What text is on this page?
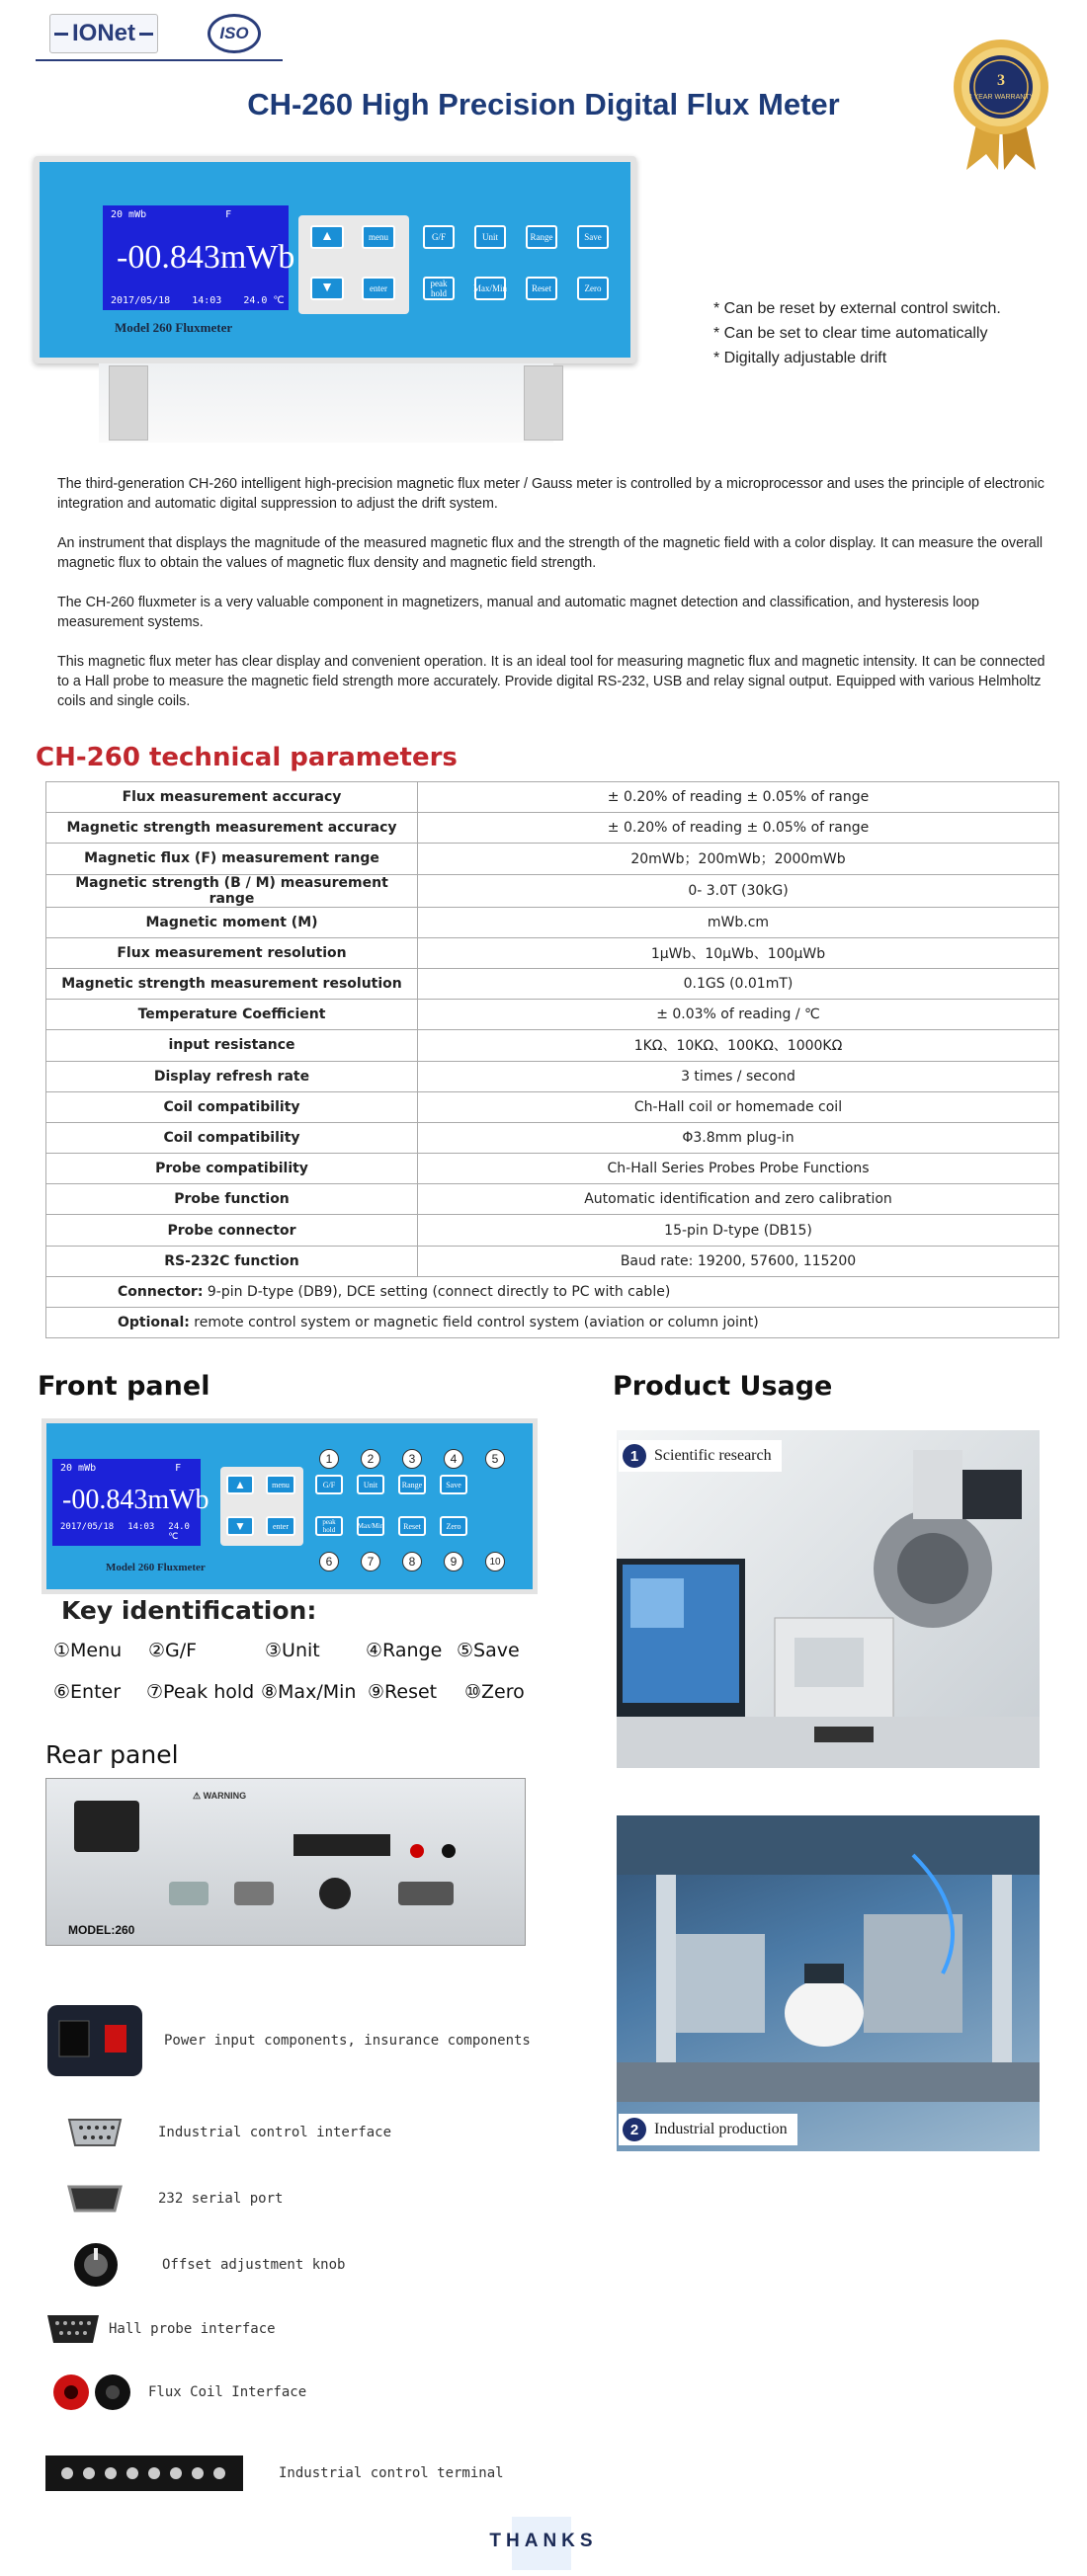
IONet	ISO
3
3 YEAR WARRANTY
CH-260 High Precision Digital Flux Meter
20 mWb	F
-00.843mWb
2017/05/18 14:03 24.0 ℃
▲	menu
▼	enter
G/F	Unit	Range	Save
peak hold	Max/Min	Reset	Zero
Model 260 Fluxmeter
* Can be reset by external control switch.
* Can be set to clear time automatically
* Digitally adjustable drift

The third-generation CH-260 intelligent high-precision magnetic flux meter / Gauss meter is controlled by a microprocessor and uses the principle of electronic integration and automatic digital suppression to adjust the drift system.

An instrument that displays the magnitude of the measured magnetic flux and the strength of the magnetic field with a color display. It can measure the overall magnetic flux to obtain the values of magnetic flux density and magnetic field strength.

The CH-260 fluxmeter is a very valuable component in magnetizers, manual and automatic magnet detection and classification, and hysteresis loop measurement systems.

This magnetic flux meter has clear display and convenient operation. It is an ideal tool for measuring magnetic flux and magnetic intensity. It can be connected to a Hall probe to measure the magnetic field strength more accurately. Provide digital RS-232, USB and relay signal output. Equipped with various Helmholtz coils and single coils.

CH-260 technical parameters
Flux measurement accuracy	± 0.20% of reading ± 0.05% of range
Magnetic strength measurement accuracy	± 0.20% of reading ± 0.05% of range
Magnetic flux (F) measurement range	20mWb；200mWb；2000mWb
Magnetic strength (B / M) measurement range	0- 3.0T (30kG)
Magnetic moment (M)	mWb.cm
Flux measurement resolution	1μWb、10μWb、100μWb
Magnetic strength measurement resolution	0.1GS (0.01mT)
Temperature Coefficient	± 0.03% of reading / ℃
input resistance	1KΩ、10KΩ、100KΩ、1000KΩ
Display refresh rate	3 times / second
Coil compatibility	Ch-Hall coil or homemade coil
Coil compatibility	Φ3.8mm plug-in
Probe compatibility	Ch-Hall Series Probes Probe Functions
Probe function	Automatic identification and zero calibration
Probe connector	15-pin D-type (DB15)
RS-232C function	Baud rate: 19200, 57600, 115200
Connector: 9-pin D-type (DB9), DCE setting (connect directly to PC with cable)	
Optional: remote control system or magnetic field control system (aviation or column joint)	
Front panel	Product Usage
20 mWb	F
-00.843mWb
2017/05/18 14:03 24.0 ℃
▲	menu
▼	enter
G/F	Unit	Range	Save
peak hold	Max/Min	Reset	Zero
1	2	3	4	5
6	7	8	9	10
Model 260 Fluxmeter
Key identification:
①Menu ②G/F	③Unit ④Range ⑤Save
⑥Enter ⑦Peak hold ⑧Max/Min ⑨Reset ⑩Zero
Rear panel
⚠ WARNING
MODEL:260
Power input components, insurance components
Industrial control interface
232 serial port
Offset adjustment knob
Hall probe interface
Flux Coil Interface
Industrial control terminal
1 Scientific research
2 Industrial production
THANKS
